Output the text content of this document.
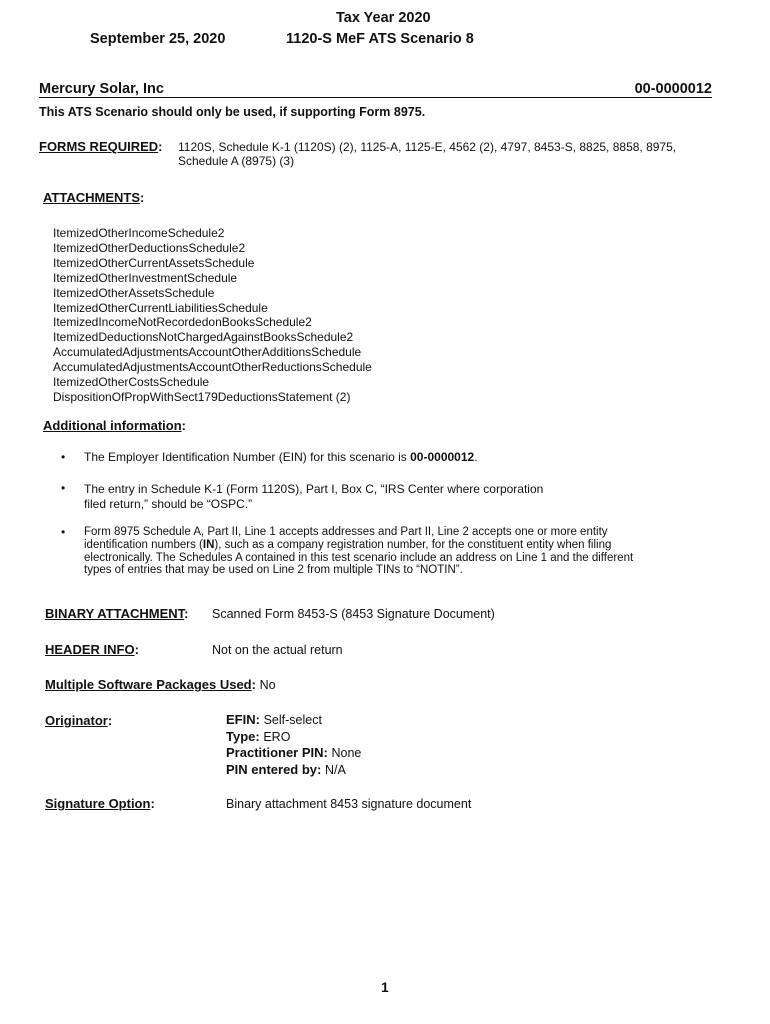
September 25, 2020
Tax Year 2020
1120-S MeF ATS Scenario 8
Mercury Solar, Inc	00-0000012
This ATS Scenario should only be used, if supporting Form 8975.
FORMS REQUIRED: 1120S, Schedule K-1 (1120S) (2), 1125-A, 1125-E, 4562 (2), 4797, 8453-S, 8825, 8858, 8975,
Schedule A (8975) (3)
ATTACHMENTS:
ItemizedOtherIncomeSchedule2
ItemizedOtherDeductionsSchedule2
ItemizedOtherCurrentAssetsSchedule
ItemizedOtherInvestmentSchedule
ItemizedOtherAssetsSchedule
ItemizedOtherCurrentLiabilitiesSchedule
ItemizedIncomeNotRecordedonBooksSchedule2
ItemizedDeductionsNotChargedAgainstBooksSchedule2
AccumulatedAdjustmentsAccountOtherAdditionsSchedule
AccumulatedAdjustmentsAccountOtherReductionsSchedule
ItemizedOtherCostsSchedule
DispositionOfPropWithSect179DeductionsStatement (2)
Additional information:
• The Employer Identification Number (EIN) for this scenario is 00-0000012.
• The entry in Schedule K-1 (Form 1120S), Part I, Box C, “IRS Center where corporation
filed return,” should be “OSPC.”
• Form 8975 Schedule A, Part II, Line 1 accepts addresses and Part II, Line 2 accepts one or more entity
identification numbers (IN), such as a company registration number, for the constituent entity when filing
electronically. The Schedules A contained in this test scenario include an address on Line 1 and the different
types of entries that may be used on Line 2 from multiple TINs to “NOTIN”.
BINARY ATTACHMENT: Scanned Form 8453-S (8453 Signature Document)
HEADER INFO:	Not on the actual return
Multiple Software Packages Used: No
Originator:	EFIN: Self-select
Type: ERO
Practitioner PIN: None
PIN entered by: N/A
Signature Option:	Binary attachment 8453 signature document
1
